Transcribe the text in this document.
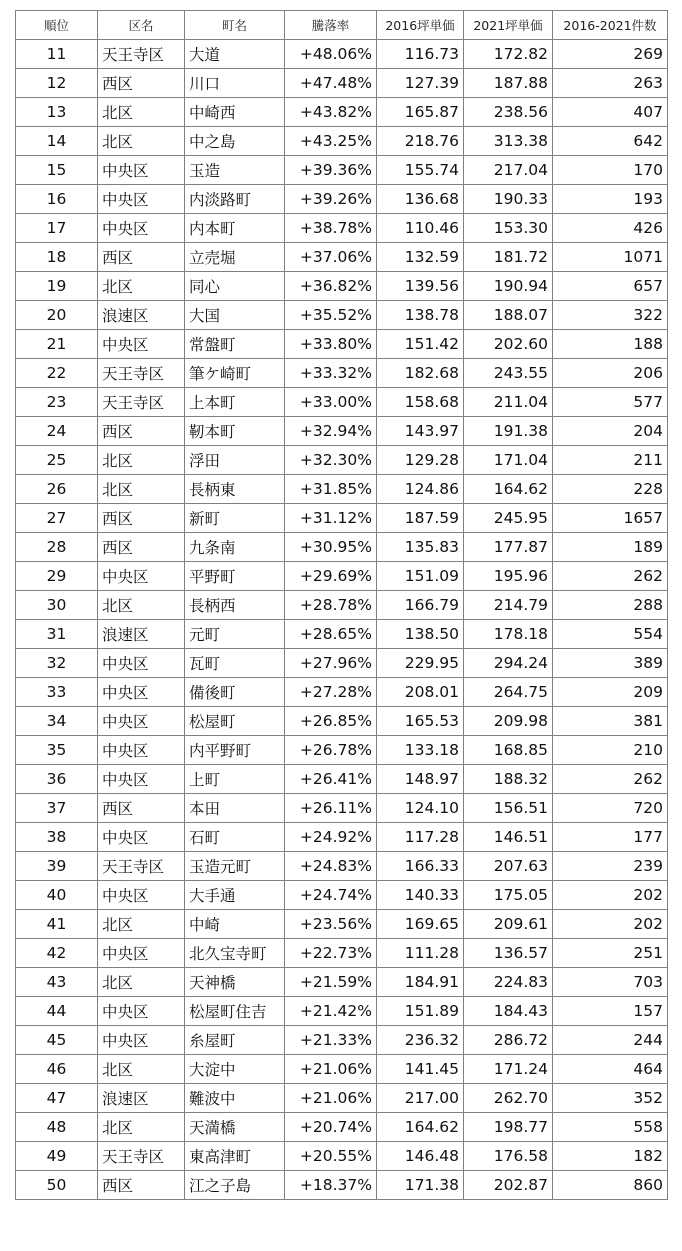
順位	区名	町名	騰落率	2016坪単価	2021坪単価	2016-2021件数
11	天王寺区	大道	+48.06%	116.73	172.82	269
12	西区	川口	+47.48%	127.39	187.88	263
13	北区	中崎西	+43.82%	165.87	238.56	407
14	北区	中之島	+43.25%	218.76	313.38	642
15	中央区	玉造	+39.36%	155.74	217.04	170
16	中央区	内淡路町	+39.26%	136.68	190.33	193
17	中央区	内本町	+38.78%	110.46	153.30	426
18	西区	立売堀	+37.06%	132.59	181.72	1071
19	北区	同心	+36.82%	139.56	190.94	657
20	浪速区	大国	+35.52%	138.78	188.07	322
21	中央区	常盤町	+33.80%	151.42	202.60	188
22	天王寺区	筆ケ崎町	+33.32%	182.68	243.55	206
23	天王寺区	上本町	+33.00%	158.68	211.04	577
24	西区	靭本町	+32.94%	143.97	191.38	204
25	北区	浮田	+32.30%	129.28	171.04	211
26	北区	長柄東	+31.85%	124.86	164.62	228
27	西区	新町	+31.12%	187.59	245.95	1657
28	西区	九条南	+30.95%	135.83	177.87	189
29	中央区	平野町	+29.69%	151.09	195.96	262
30	北区	長柄西	+28.78%	166.79	214.79	288
31	浪速区	元町	+28.65%	138.50	178.18	554
32	中央区	瓦町	+27.96%	229.95	294.24	389
33	中央区	備後町	+27.28%	208.01	264.75	209
34	中央区	松屋町	+26.85%	165.53	209.98	381
35	中央区	内平野町	+26.78%	133.18	168.85	210
36	中央区	上町	+26.41%	148.97	188.32	262
37	西区	本田	+26.11%	124.10	156.51	720
38	中央区	石町	+24.92%	117.28	146.51	177
39	天王寺区	玉造元町	+24.83%	166.33	207.63	239
40	中央区	大手通	+24.74%	140.33	175.05	202
41	北区	中崎	+23.56%	169.65	209.61	202
42	中央区	北久宝寺町	+22.73%	111.28	136.57	251
43	北区	天神橋	+21.59%	184.91	224.83	703
44	中央区	松屋町住吉	+21.42%	151.89	184.43	157
45	中央区	糸屋町	+21.33%	236.32	286.72	244
46	北区	大淀中	+21.06%	141.45	171.24	464
47	浪速区	難波中	+21.06%	217.00	262.70	352
48	北区	天満橋	+20.74%	164.62	198.77	558
49	天王寺区	東高津町	+20.55%	146.48	176.58	182
50	西区	江之子島	+18.37%	171.38	202.87	860
